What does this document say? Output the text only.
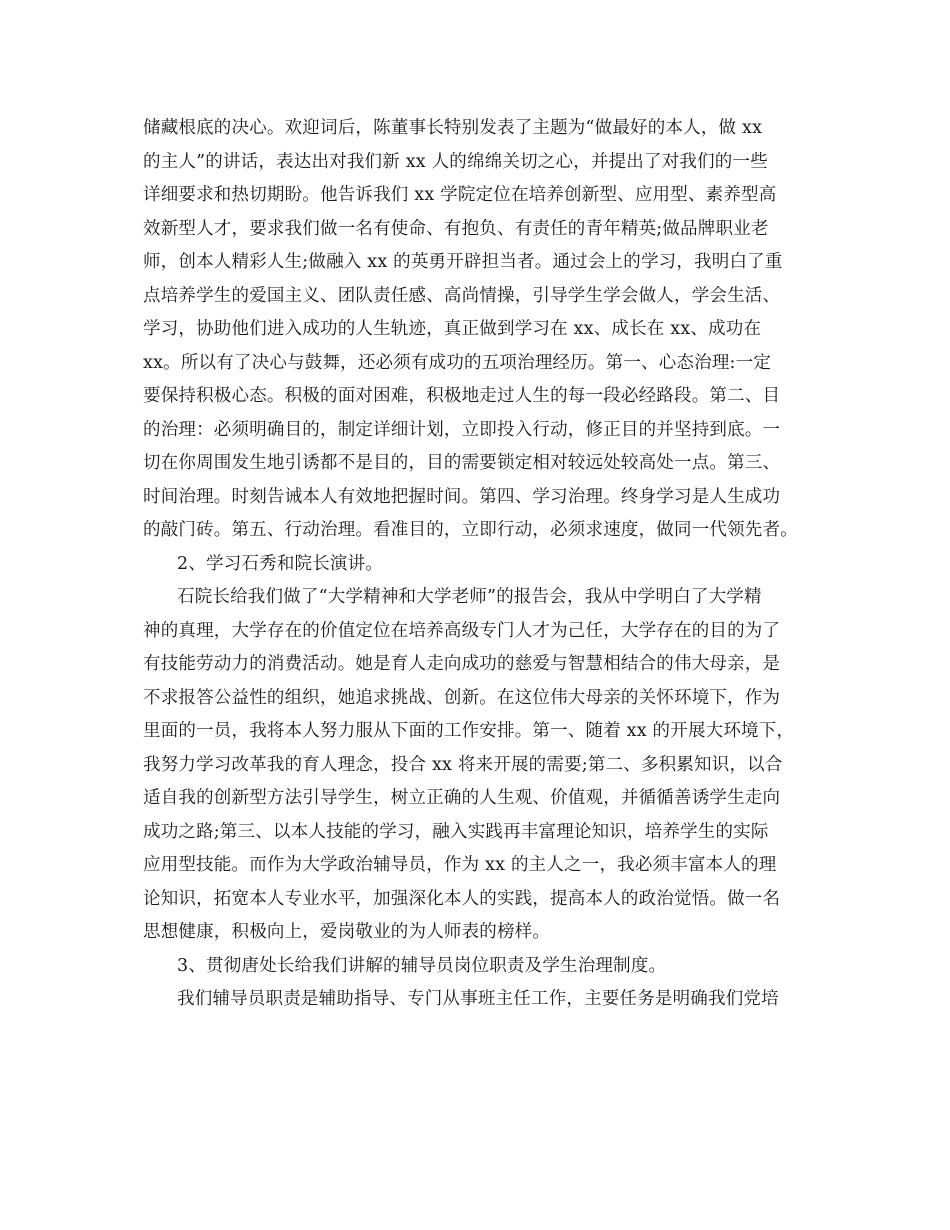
储藏根底的决心。欢迎词后，陈董事长特别发表了主题为“做最好的本人，做 xx
的主人”的讲话，表达出对我们新 xx 人的绵绵关切之心，并提出了对我们的一些
详细要求和热切期盼。他告诉我们 xx 学院定位在培养创新型、应用型、素养型高
效新型人才，要求我们做一名有使命、有抱负、有责任的青年精英;做品牌职业老
师，创本人精彩人生;做融入 xx 的英勇开辟担当者。通过会上的学习，我明白了重
点培养学生的爱国主义、团队责任感、高尚情操，引导学生学会做人，学会生活、
学习，协助他们进入成功的人生轨迹，真正做到学习在 xx、成长在 xx、成功在
xx。所以有了决心与鼓舞，还必须有成功的五项治理经历。第一、心态治理:一定
要保持积极心态。积极的面对困难，积极地走过人生的每一段必经路段。第二、目
的治理：必须明确目的，制定详细计划，立即投入行动，修正目的并坚持到底。一
切在你周围发生地引诱都不是目的，目的需要锁定相对较远处较高处一点。第三、
时间治理。时刻告诫本人有效地把握时间。第四、学习治理。终身学习是人生成功
的敲门砖。第五、行动治理。看准目的，立即行动，必须求速度，做同一代领先者。
2、学习石秀和院长演讲。
石院长给我们做了“大学精神和大学老师”的报告会，我从中学明白了大学精
神的真理，大学存在的价值定位在培养高级专门人才为己任，大学存在的目的为了
有技能劳动力的消费活动。她是育人走向成功的慈爱与智慧相结合的伟大母亲，是
不求报答公益性的组织，她追求挑战、创新。在这位伟大母亲的关怀环境下，作为
里面的一员，我将本人努力服从下面的工作安排。第一、随着 xx 的开展大环境下，
我努力学习改革我的育人理念，投合 xx 将来开展的需要;第二、多积累知识，以合
适自我的创新型方法引导学生，树立正确的人生观、价值观，并循循善诱学生走向
成功之路;第三、以本人技能的学习，融入实践再丰富理论知识，培养学生的实际
应用型技能。而作为大学政治辅导员，作为 xx 的主人之一，我必须丰富本人的理
论知识，拓宽本人专业水平，加强深化本人的实践，提高本人的政治觉悟。做一名
思想健康，积极向上，爱岗敬业的为人师表的榜样。
3、贯彻唐处长给我们讲解的辅导员岗位职责及学生治理制度。
我们辅导员职责是辅助指导、专门从事班主任工作，主要任务是明确我们党培
